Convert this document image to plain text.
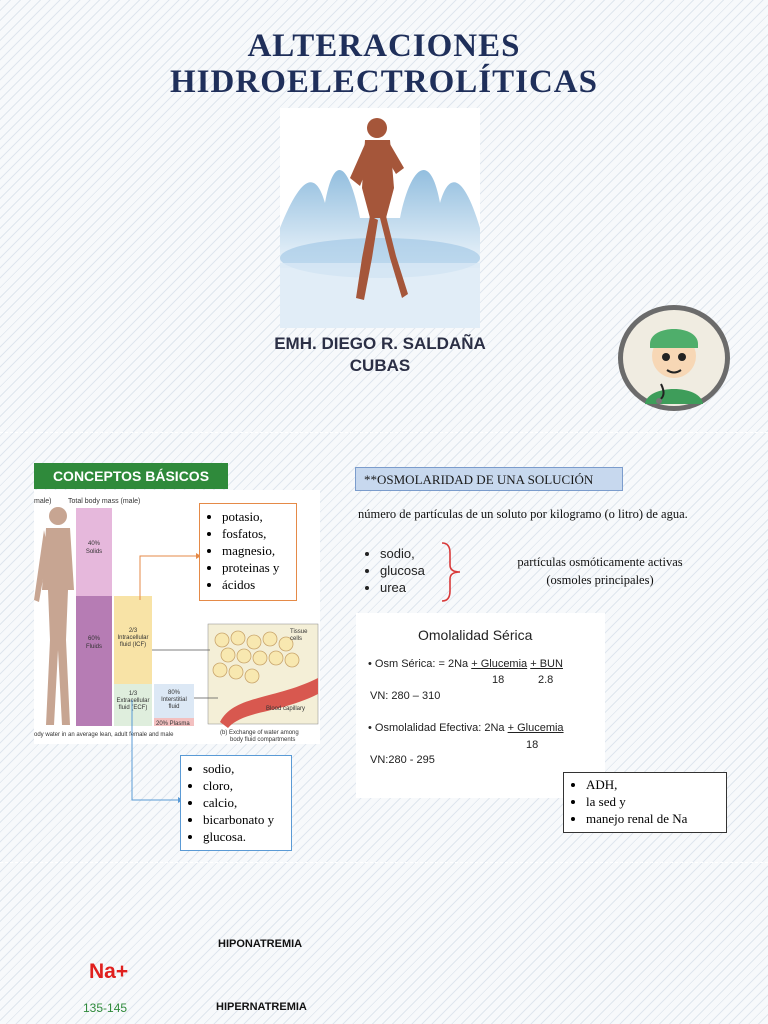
ALTERACIONES
HIDROELECTROLÍTICAS
EMH. DIEGO R. SALDAÑA
CUBAS
CONCEPTOS BÁSICOS
male) Total body mass (male)
40%
Solids
60%
Fluids
2/3
Intracellular
fluid (ICF)
1/3
Extracellular
fluid (ECF)
80%
Interstitial
fluid
20% Plasma
Tissue
cells
Blood capillary
ody water in an average lean, adult female and male	(b) Exchange of water among
body fluid compartments
• potasio,
• fosfatos,
• magnesio,
• proteinas y
• ácidos
• sodio,
• cloro,
• calcio,
• bicarbonato y
• glucosa.
**OSMOLARIDAD DE UNA SOLUCIÓN
número de partículas de un soluto por kilogramo (o litro) de agua.
• sodio,
• glucosa
• urea
partículas osmóticamente activas
(osmoles principales)
Omolalidad Sérica
• Osm Sérica: = 2Na + Glucemia + BUN
18	2.8
VN: 280 – 310
• Osmolalidad Efectiva: 2Na + Glucemia
18
VN:280 - 295
• ADH,
• la sed y
• manejo renal de Na
HIPONATREMIA
Na+
135-145	HIPERNATREMIA
